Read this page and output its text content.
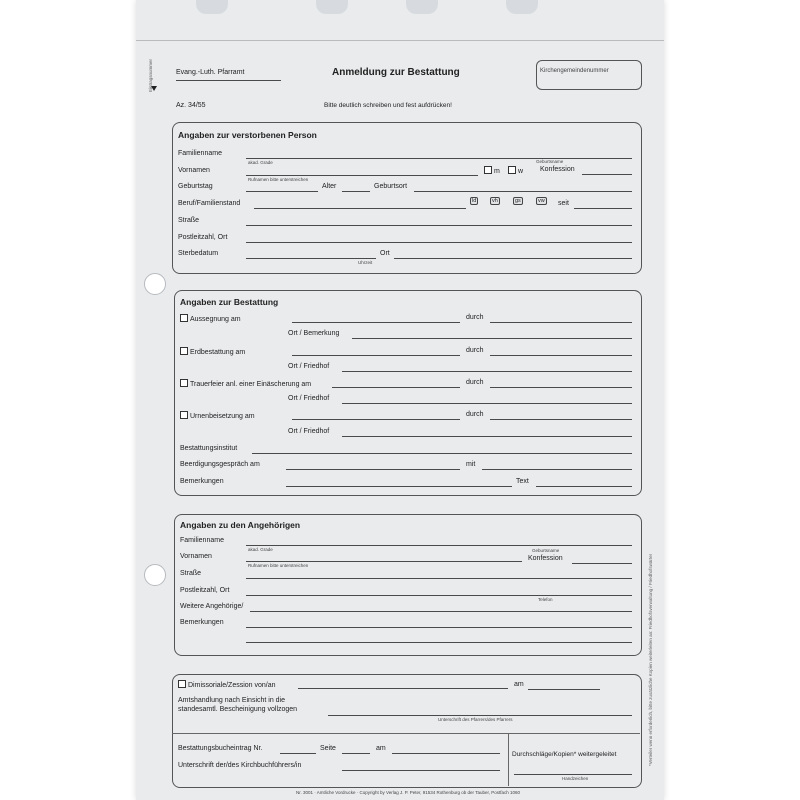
Eintragsnummer	Evang.-Luth. Pfarramt	Anmeldung zur Bestattung	Kirchengemeindenummer
Az. 34/55	Bitte deutlich schreiben und fest aufdrücken!
Angaben zur verstorbenen Person
Familienname
akad. Grade
Vornamen
Rufnamen bitte unterstreichen
m	w
Geburtsname
Konfession
Geburtstag	Alter	Geburtsort
Beruf/Familienstand	ld	vh	gs	vw seit
Straße
Postleitzahl, Ort
Sterbedatum
Uhrzeit
Ort
Angaben zur Bestattung
Aussegnung am	durch
Ort / Bemerkung
Erdbestattung am	durch
Ort / Friedhof
Trauerfeier anl. einer Einäscherung am	durch
Ort / Friedhof
Urnenbeisetzung am	durch
Ort / Friedhof
Bestattungsinstitut
Beerdigungsgespräch am	mit
Bemerkungen	Text
Angaben zu den Angehörigen
Familienname
akad. Grade
Vornamen
Rufnamen bitte unterstreichen
Geburtsname
Konfession
Straße
Postleitzahl, Ort
Telefon
Weitere Angehörige/
Bemerkungen
Dimissoriale/Zession von/an	am
Amtshandlung nach Einsicht in die
standesamtl. Bescheinigung vollzogen
Unterschrift des Pfarrers/des Pfarrers
Bestattungsbucheintrag Nr.	Seite	am
Unterschrift der/des Kirchbuchführers/in
Durchschläge/Kopien* weitergeleitet
Handzeichen
*Verteiler wenn erforderlich, bitte zusätzliche Kopien weiterleiten an: Friedhofsverwaltung / Friedhofswärter
Nr. 3001 · Amtliche Vordrucke · Copyright by Verlag J. P. Peter, 91534 Rothenburg ob der Tauber, Postfach 1060
